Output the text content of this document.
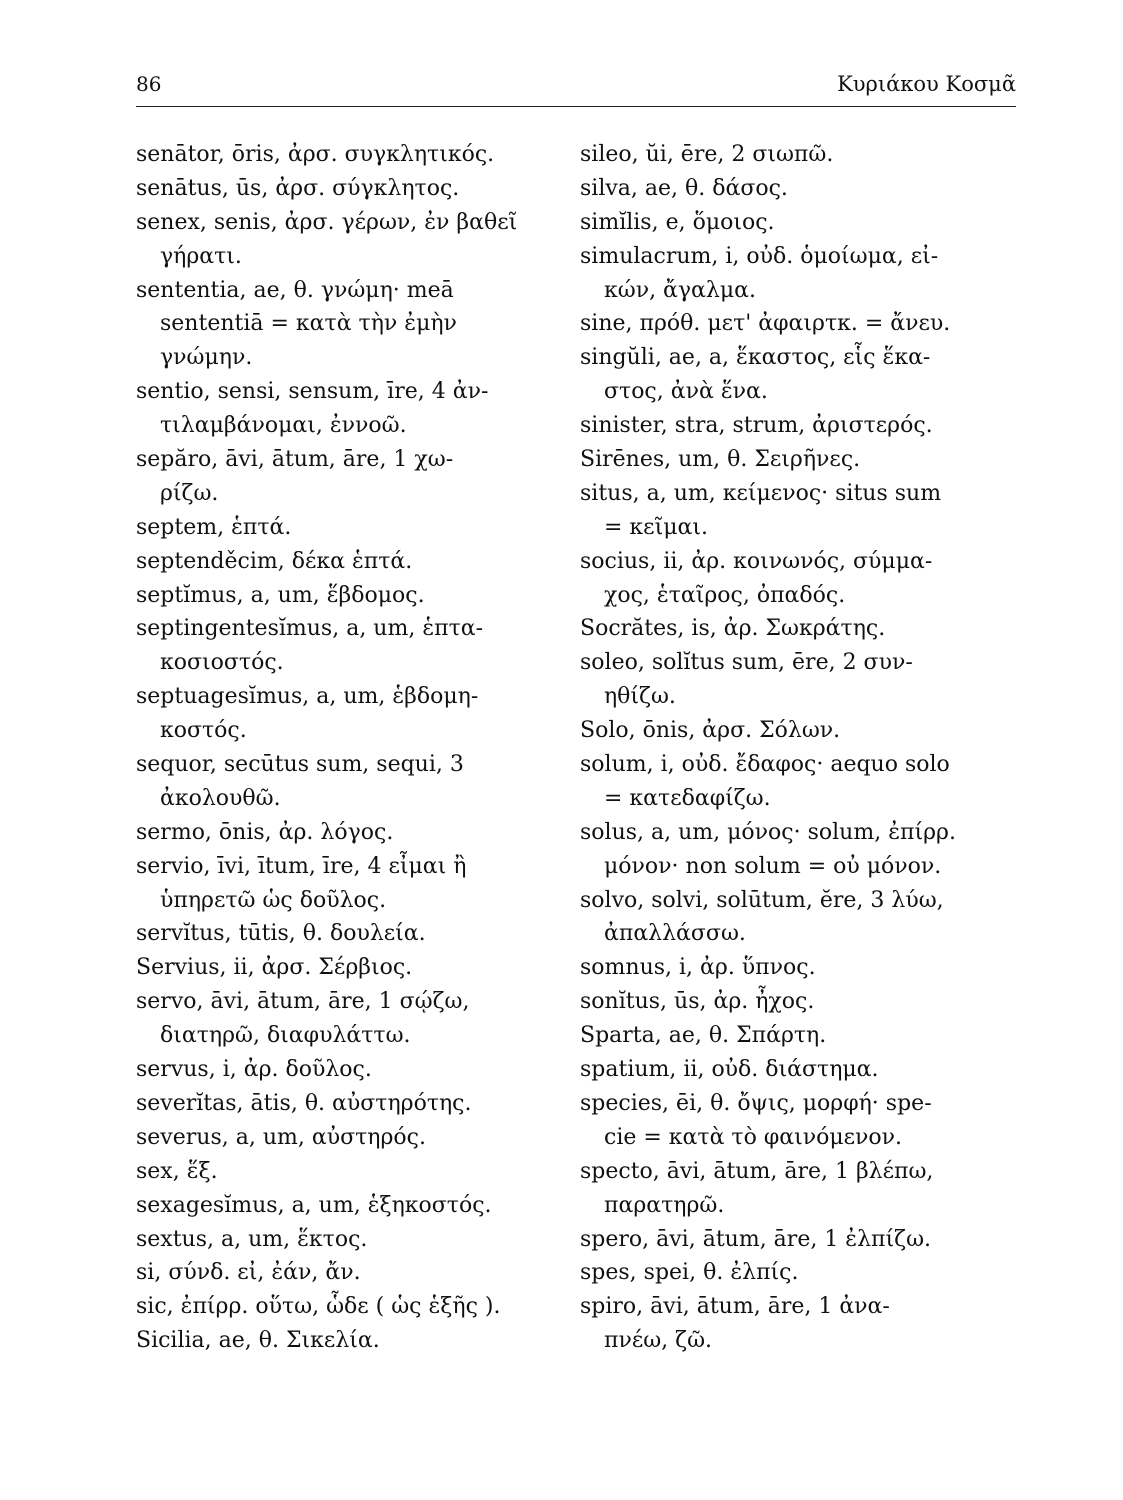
86	Κυριάκου Κοσμᾶ
senātor, ōris, ἀρσ. συγκλητικός.
senātus, ūs, ἀρσ. σύγκλητος.
senex, senis, ἀρσ. γέρων, ἐν βαθεῖ
γήρατι.
sententia, ae, θ. γνώμη· meā
sententiā = κατὰ τὴν ἐμὴν
γνώμην.
sentio, sensi, sensum, īre, 4 ἀν-
τιλαμβάνομαι, ἐννοῶ.
sepăro, āvi, ātum, āre, 1 χω-
ρίζω.
septem, ἑπτά.
septenděcim, δέκα ἑπτά.
septĭmus, a, um, ἕβδομος.
septingentesĭmus, a, um, ἑπτα-
κοσιοστός.
septuagesĭmus, a, um, ἑβδομη-
κοστός.
sequor, secūtus sum, sequi, 3
ἀκολουθῶ.
sermo, ōnis, ἀρ. λόγος.
servio, īvi, ītum, īre, 4 εἶμαι ἢ
ὑπηρετῶ ὡς δοῦλος.
servĭtus, tūtis, θ. δουλεία.
Servius, ii, ἀρσ. Σέρβιος.
servo, āvi, ātum, āre, 1 σῴζω,
διατηρῶ, διαφυλάττω.
servus, i, ἀρ. δοῦλος.
severĭtas, ātis, θ. αὐστηρότης.
severus, a, um, αὐστηρός.
sex, ἕξ.
sexagesĭmus, a, um, ἑξηκοστός.
sextus, a, um, ἕκτος.
si, σύνδ. εἰ, ἐάν, ἄν.
sic, ἐπίρρ. οὕτω, ὧδε ( ὡς ἑξῆς ).
Sicilia, ae, θ. Σικελία.
sileo, ŭi, ēre, 2 σιωπῶ.
silva, ae, θ. δάσος.
simĭlis, e, ὅμοιος.
simulacrum, i, οὐδ. ὁμοίωμα, εἰ-
κών, ἄγαλμα.
sine, πρόθ. μετ' ἀφαιρτκ. = ἄνευ.
singŭli, ae, a, ἕκαστος, εἷς ἕκα-
στος, ἀνὰ ἕνα.
sinister, stra, strum, ἀριστερός.
Sirēnes, um, θ. Σειρῆνες.
situs, a, um, κείμενος· situs sum
= κεῖμαι.
socius, ii, ἀρ. κοινωνός, σύμμα-
χος, ἑταῖρος, ὀπαδός.
Socrătes, is, ἀρ. Σωκράτης.
soleo, solĭtus sum, ēre, 2 συν-
ηθίζω.
Solo, ōnis, ἀρσ. Σόλων.
solum, i, οὐδ. ἔδαφος· aequo solo
= κατεδαφίζω.
solus, a, um, μόνος· solum, ἐπίρρ.
μόνον· non solum = οὐ μόνον.
solvo, solvi, solūtum, ĕre, 3 λύω,
ἀπαλλάσσω.
somnus, i, ἀρ. ὕπνος.
sonĭtus, ūs, ἀρ. ἦχος.
Sparta, ae, θ. Σπάρτη.
spatium, ii, οὐδ. διάστημα.
species, ēi, θ. ὄψις, μορφή· spe-
cie = κατὰ τὸ φαινόμενον.
specto, āvi, ātum, āre, 1 βλέπω,
παρατηρῶ.
spero, āvi, ātum, āre, 1 ἐλπίζω.
spes, spei, θ. ἐλπίς.
spiro, āvi, ātum, āre, 1 ἀνα-
πνέω, ζῶ.
